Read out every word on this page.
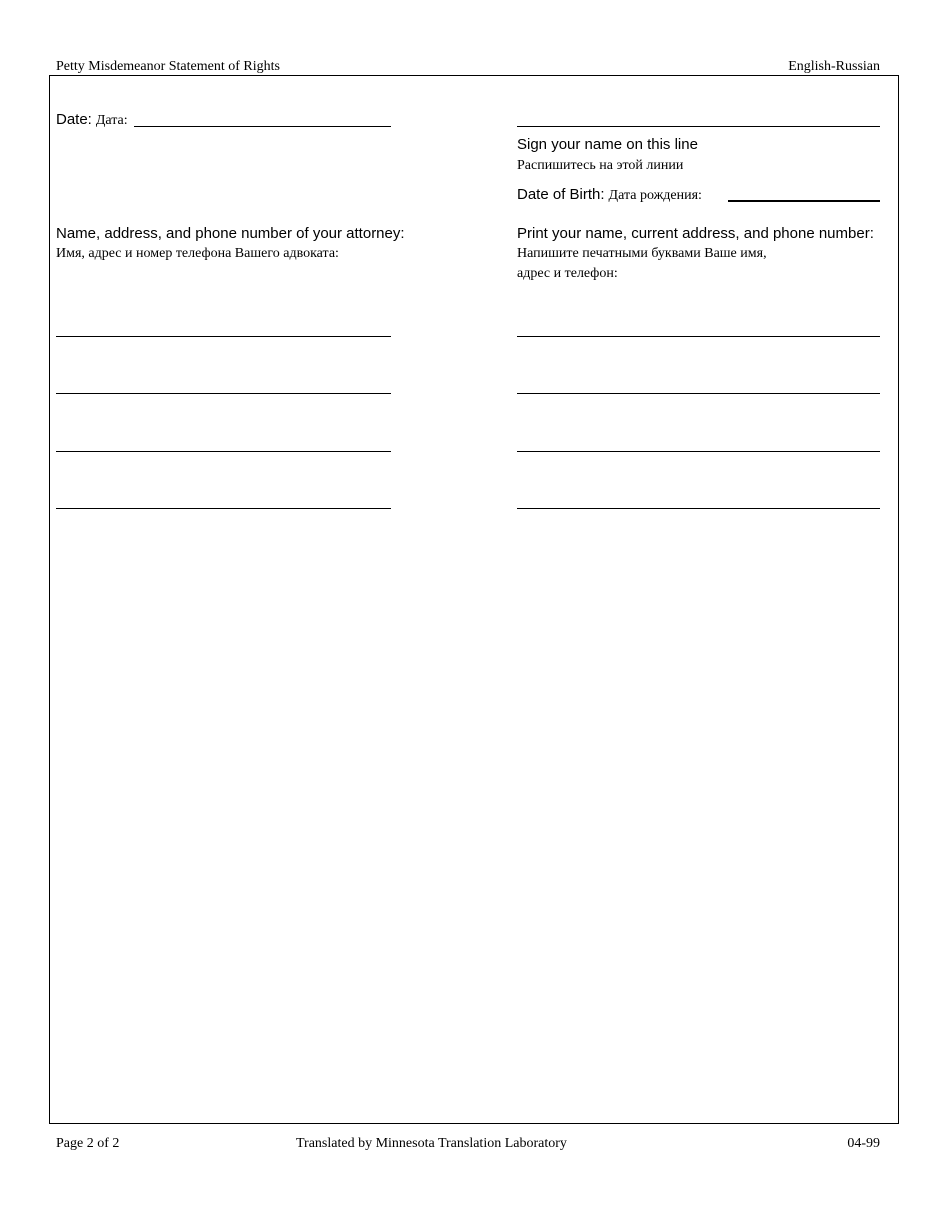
Petty Misdemeanor Statement of Rights	English-Russian
Date: Дата:
Sign your name on this line
Распишитесь на этой линии
Date of Birth: Дата рождения:
Name, address, and phone number of your attorney:
Имя, адрес и номер телефона Вашего адвоката:
Print your name, current address, and phone number:
Напишите печатными буквами Ваше имя,
адрес и телефон:
Page 2 of 2	Translated by Minnesota Translation Laboratory	04-99
